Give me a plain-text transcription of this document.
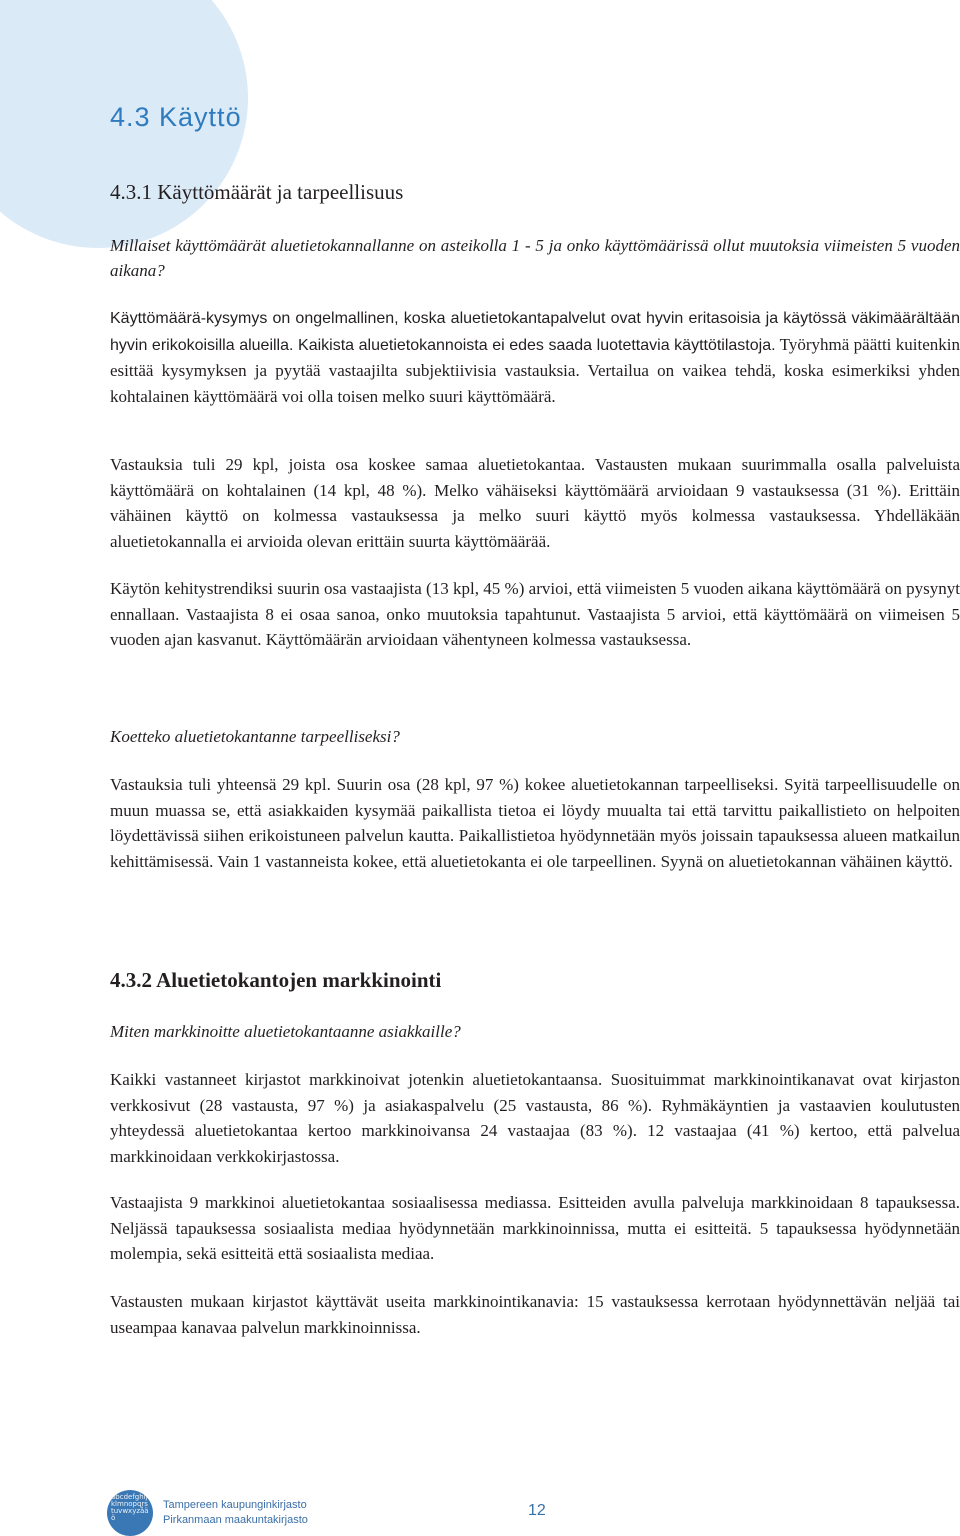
4.3 Käyttö
4.3.1 Käyttömäärät ja tarpeellisuus

Millaiset käyttömäärät aluetietokannallanne on asteikolla 1 - 5 ja onko käyttömäärissä ollut muutoksia viimeisten 5 vuoden aikana?

Käyttömäärä-kysymys on ongelmallinen, koska aluetietokantapalvelut ovat hyvin eritasoisia ja käytössä väkimäärältään hyvin erikokoisilla alueilla. Kaikista aluetietokannoista ei edes saada luotettavia käyttötilastoja. Työryhmä päätti kuitenkin esittää kysymyksen ja pyytää vastaajilta subjektiivisia vastauksia. Vertailua on vaikea tehdä, koska esimerkiksi yhden kohtalainen käyttömäärä voi olla toisen melko suuri käyttömäärä.

Vastauksia tuli 29 kpl, joista osa koskee samaa aluetietokantaa. Vastausten mukaan suurimmalla osalla palveluista käyttömäärä on kohtalainen (14 kpl, 48 %). Melko vähäiseksi käyttömäärä arvioidaan 9 vastauksessa (31 %). Erittäin vähäinen käyttö on kolmessa vastauksessa ja melko suuri käyttö myös kolmessa vastauksessa. Yhdelläkään aluetietokannalla ei arvioida olevan erittäin suurta käyttömäärää.

Käytön kehitystrendiksi suurin osa vastaajista (13 kpl, 45 %) arvioi, että viimeisten 5 vuoden aikana käyttömäärä on pysynyt ennallaan. Vastaajista 8 ei osaa sanoa, onko muutoksia tapahtunut. Vastaajista 5 arvioi, että käyttömäärä on viimeisen 5 vuoden ajan kasvanut. Käyttömäärän arvioidaan vähentyneen kolmessa vastauksessa.

Koetteko aluetietokantanne tarpeelliseksi?

Vastauksia tuli yhteensä 29 kpl. Suurin osa (28 kpl, 97 %) kokee aluetietokannan tarpeelliseksi. Syitä tarpeellisuudelle on muun muassa se, että asiakkaiden kysymää paikallista tietoa ei löydy muualta tai että tarvittu paikallistieto on helpoiten löydettävissä siihen erikoistuneen palvelun kautta. Paikallistietoa hyödynnetään myös joissain tapauksessa alueen matkailun kehittämisessä. Vain 1 vastanneista kokee, että aluetietokanta ei ole tarpeellinen. Syynä on aluetietokannan vähäinen käyttö.

4.3.2 Aluetietokantojen markkinointi

Miten markkinoitte aluetietokantaanne asiakkaille?

Kaikki vastanneet kirjastot markkinoivat jotenkin aluetietokantaansa. Suosituimmat markkinointikanavat ovat kirjaston verkkosivut (28 vastausta, 97 %) ja asiakaspalvelu (25 vastausta, 86 %). Ryhmäkäyntien ja vastaavien koulutusten yhteydessä aluetietokantaa kertoo markkinoivansa 24 vastaajaa (83 %). 12 vastaajaa (41 %) kertoo, että palvelua markkinoidaan verkkokirjastossa.

Vastaajista 9 markkinoi aluetietokantaa sosiaalisessa mediassa. Esitteiden avulla palveluja markkinoidaan 8 tapauksessa. Neljässä tapauksessa sosiaalista mediaa hyödynnetään markkinoinnissa, mutta ei esitteitä. 5 tapauksessa hyödynnetään molempia, sekä esitteitä että sosiaalista mediaa.

Vastausten mukaan kirjastot käyttävät useita markkinointikanavia: 15 vastauksessa kerrotaan hyödynnettävän neljää tai useampaa kanavaa palvelun markkinoinnissa.

abcdefghijklmnopqrstuvwxyzåäö
Tampereen kaupunginkirjasto
Pirkanmaan maakuntakirjasto
12
